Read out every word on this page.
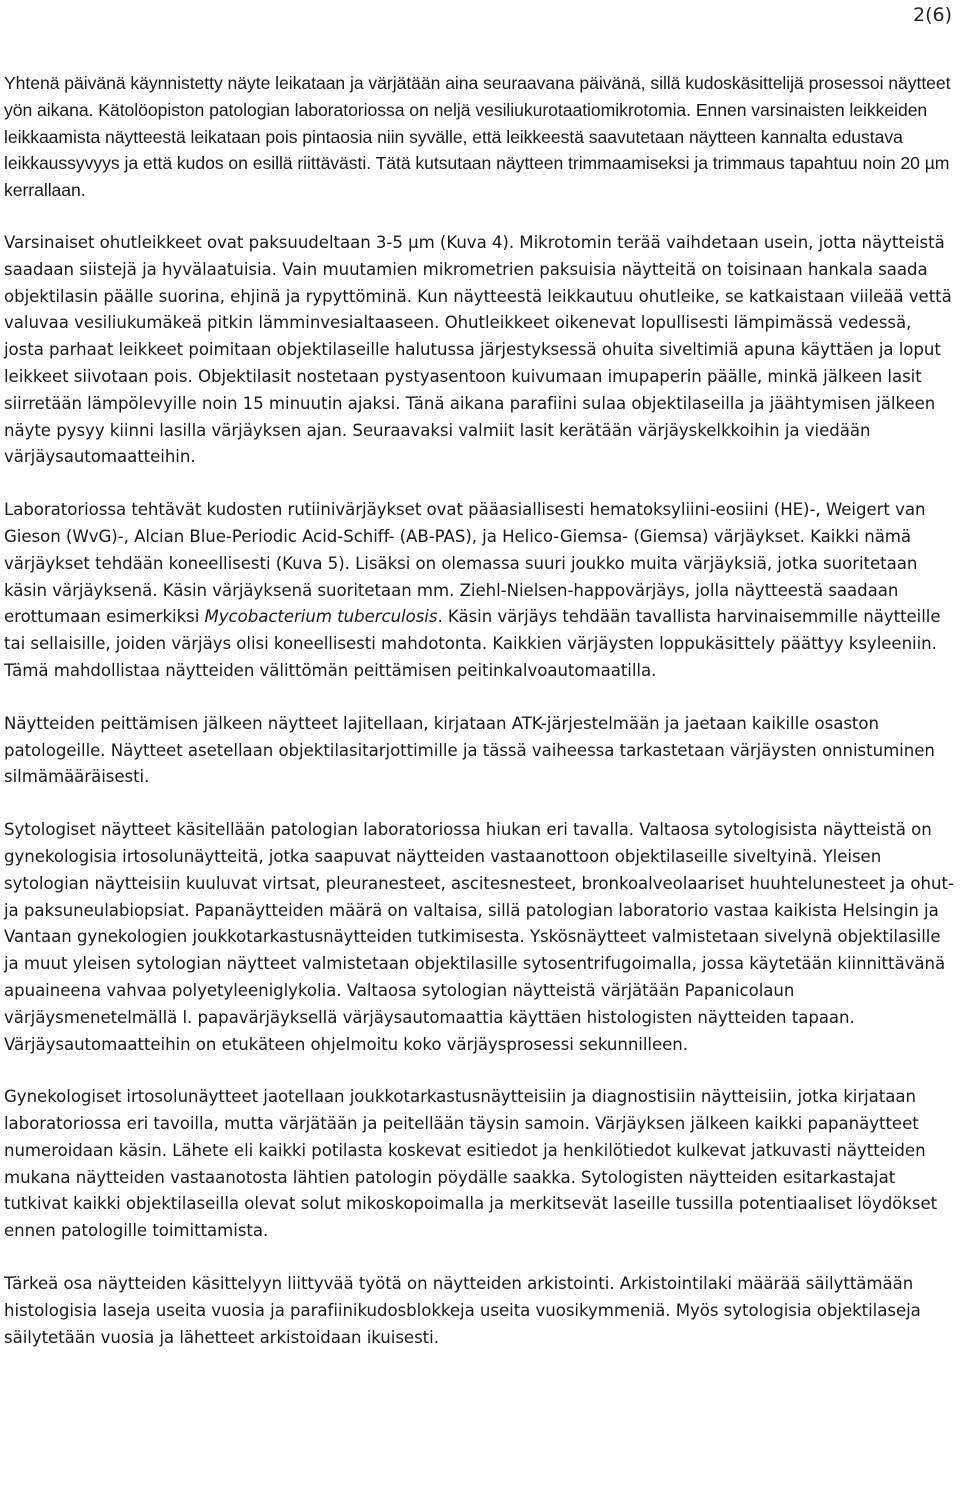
2(6)

Yhtenä päivänä käynnistetty näyte leikataan ja värjätään aina seuraavana päivänä, sillä kudoskäsittelijä prosessoi näytteet yön aikana. Kätolöopiston patologian laboratoriossa on neljä vesiliukurotaatiomikrotomia. Ennen varsinaisten leikkeiden leikkaamista näytteestä leikataan pois pintaosia niin syvälle, että leikkeestä saavutetaan näytteen kannalta edustava leikkaussyvyys ja että kudos on esillä riittävästi. Tätä kutsutaan näytteen trimmaamiseksi ja trimmaus tapahtuu noin 20 µm kerrallaan.

Varsinaiset ohutleikkeet ovat paksuudeltaan 3-5 µm (Kuva 4). Mikrotomin terää vaihdetaan usein, jotta näytteistä saadaan siistejä ja hyvälaatuisia. Vain muutamien mikrometrien paksuisia näytteitä on toisinaan hankala saada objektilasin päälle suorina, ehjinä ja rypyttöminä. Kun näytteestä leikkautuu ohutleike, se katkaistaan viileää vettä valuvaa vesiliukumäkeä pitkin lämminvesialtaaseen. Ohutleikkeet oikenevat lopullisesti lämpimässä vedessä, josta parhaat leikkeet poimitaan objektilaseille halutussa järjestyksessä ohuita siveltimiä apuna käyttäen ja loput leikkeet siivotaan pois. Objektilasit nostetaan pystyasentoon kuivumaan imupaperin päälle, minkä jälkeen lasit siirretään lämpölevyille noin 15 minuutin ajaksi. Tänä aikana parafiini sulaa objektilaseilla ja jäähtymisen jälkeen näyte pysyy kiinni lasilla värjäyksen ajan. Seuraavaksi valmiit lasit kerätään värjäyskelkkoihin ja viedään värjäysautomaatteihin.

Laboratoriossa tehtävät kudosten rutiinivärjäykset ovat pääasiallisesti hematoksyliini-eosiini (HE)-, Weigert van Gieson (WvG)-, Alcian Blue-Periodic Acid-Schiff- (AB-PAS), ja Helico-Giemsa- (Giemsa) värjäykset. Kaikki nämä värjäykset tehdään koneellisesti (Kuva 5). Lisäksi on olemassa suuri joukko muita värjäyksiä, jotka suoritetaan käsin värjäyksenä. Käsin värjäyksenä suoritetaan mm. Ziehl-Nielsen-happovärjäys, jolla näytteestä saadaan erottumaan esimerkiksi Mycobacterium tuberculosis. Käsin värjäys tehdään tavallista harvinaisemmille näytteille tai sellaisille, joiden värjäys olisi koneellisesti mahdotonta. Kaikkien värjäysten loppukäsittely päättyy ksyleeniin. Tämä mahdollistaa näytteiden välittömän peittämisen peitinkalvoautomaatilla.

Näytteiden peittämisen jälkeen näytteet lajitellaan, kirjataan ATK-järjestelmään ja jaetaan kaikille osaston patologeille. Näytteet asetellaan objektilasitarjottimille ja tässä vaiheessa tarkastetaan värjäysten onnistuminen silmämääräisesti.

Sytologiset näytteet käsitellään patologian laboratoriossa hiukan eri tavalla. Valtaosa sytologisista näytteistä on gynekologisia irtosolunäytteitä, jotka saapuvat näytteiden vastaanottoon objektilaseille siveltyinä. Yleisen sytologian näytteisiin kuuluvat virtsat, pleuranesteet, ascitesnesteet, bronkoalveolaariset huuhtelunesteet ja ohut- ja paksuneulabiopsiat. Papanäytteiden määrä on valtaisa, sillä patologian laboratorio vastaa kaikista Helsingin ja Vantaan gynekologien joukkotarkastusnäytteiden tutkimisesta. Yskösnäytteet valmistetaan sivelynä objektilasille ja muut yleisen sytologian näytteet valmistetaan objektilasille sytosentrifugoimalla, jossa käytetään kiinnittävänä apuaineena vahvaa polyetyleeniglykolia. Valtaosa sytologian näytteistä värjätään Papanicolaun värjäysmenetelmällä l. papavärjäyksellä värjäysautomaattia käyttäen histologisten näytteiden tapaan. Värjäysautomaatteihin on etukäteen ohjelmoitu koko värjäysprosessi sekunnilleen.

Gynekologiset irtosolunäytteet jaotellaan joukkotarkastusnäytteisiin ja diagnostisiin näytteisiin, jotka kirjataan laboratoriossa eri tavoilla, mutta värjätään ja peitellään täysin samoin. Värjäyksen jälkeen kaikki papanäytteet numeroidaan käsin. Lähete eli kaikki potilasta koskevat esitiedot ja henkilötiedot kulkevat jatkuvasti näytteiden mukana näytteiden vastaanotosta lähtien patologin pöydälle saakka. Sytologisten näytteiden esitarkastajat tutkivat kaikki objektilaseilla olevat solut mikoskopoimalla ja merkitsevät laseille tussilla potentiaaliset löydökset ennen patologille toimittamista.

Tärkeä osa näytteiden käsittelyyn liittyvää työtä on näytteiden arkistointi. Arkistointilaki määrää säilyttämään histologisia laseja useita vuosia ja parafiinikudosblokkeja useita vuosikymmeniä. Myös sytologisia objektilaseja säilytetään vuosia ja lähetteet arkistoidaan ikuisesti.
